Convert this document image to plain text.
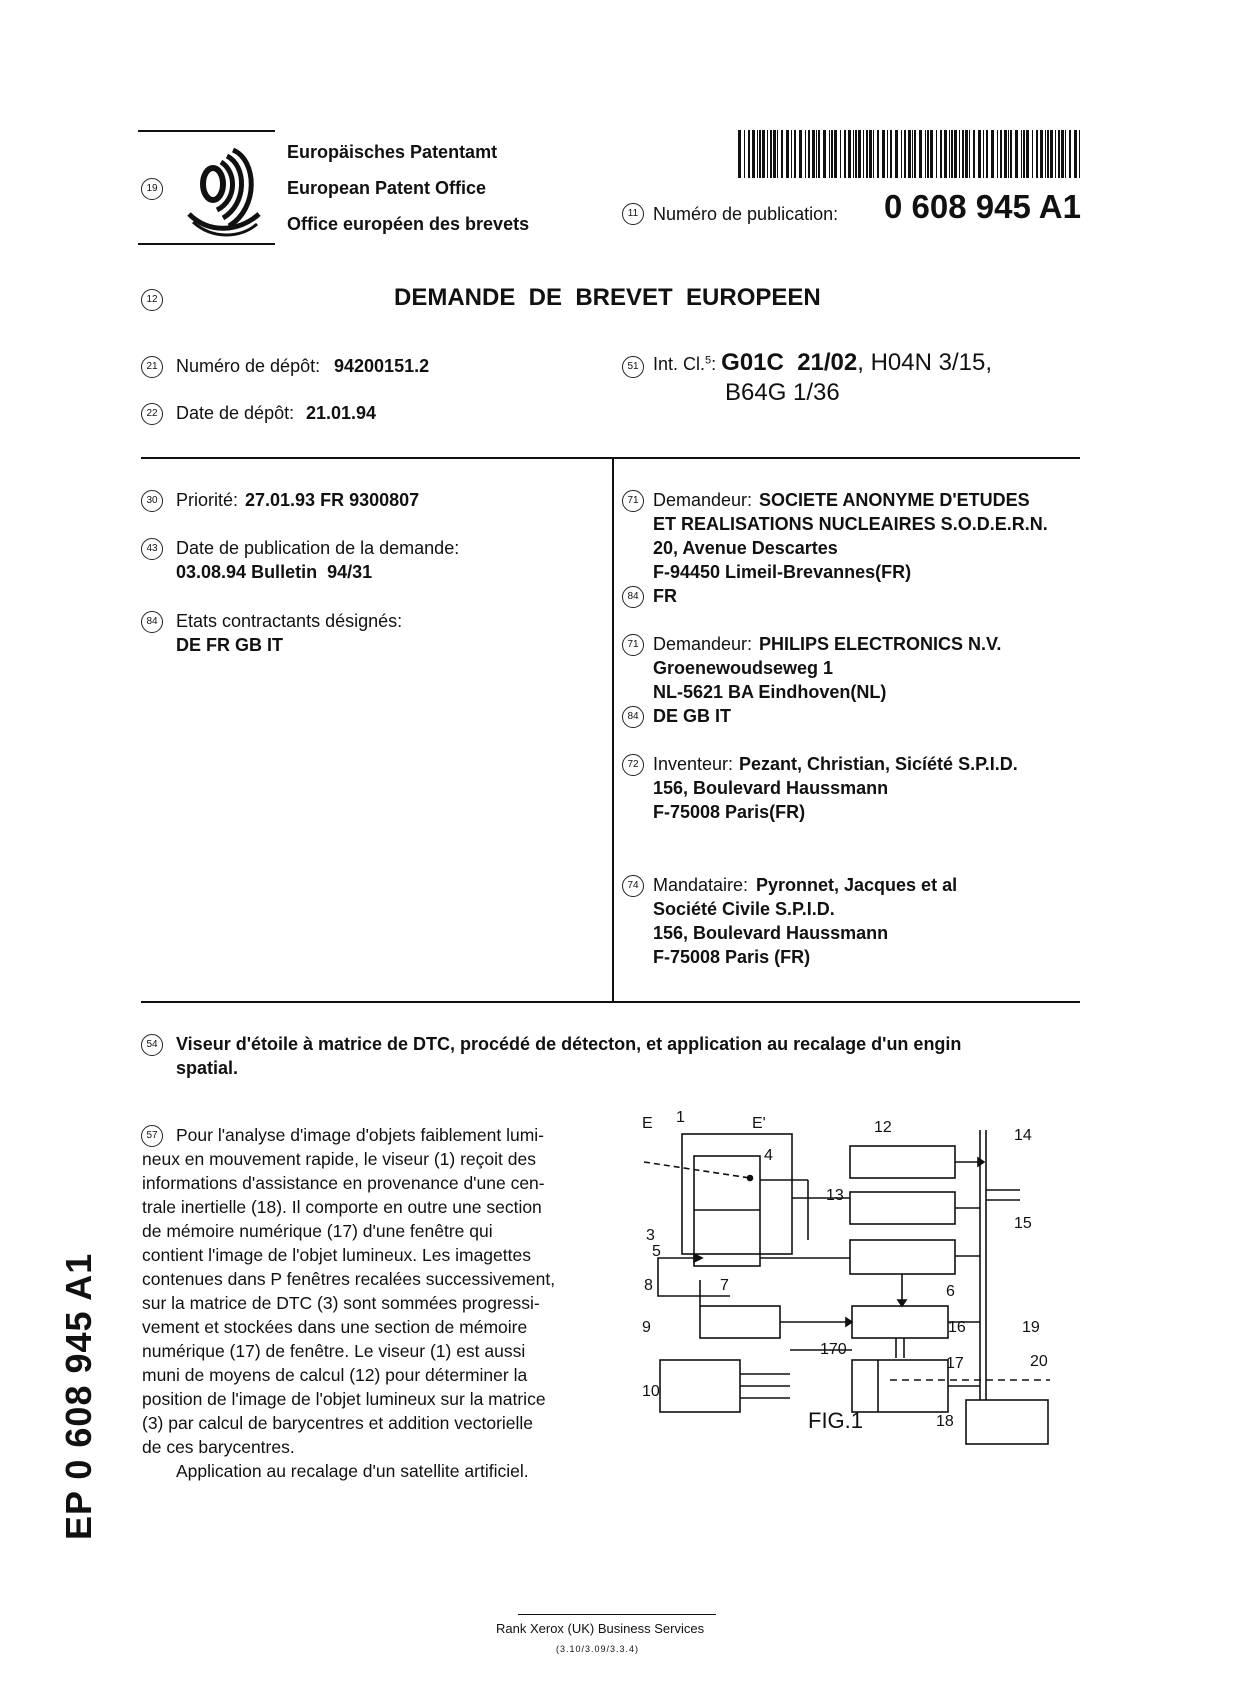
19
Europäisches Patentamt
European Patent Office
Office européen des brevets
11 Numéro de publication: 0 608 945 A1
12	DEMANDE  DE  BREVET  EUROPEEN
21	Numéro de dépôt: 94200151.2
22	Date de dépôt: 21.01.94
51 Int. Cl.$^5$: G01C  21/02, H04N 3/15,
B64G 1/36
30	Priorité: 27.01.93 FR 9300807
43	Date de publication de la demande:
03.08.94 Bulletin  94/31
84	Etats contractants désignés:
DE FR GB IT
71 Demandeur: SOCIETE ANONYME D'ETUDES
ET REALISATIONS NUCLEAIRES S.O.D.E.R.N.
20, Avenue Descartes
F-94450 Limeil-Brevannes(FR)
84 FR
71 Demandeur: PHILIPS ELECTRONICS N.V.
Groenewoudseweg 1
NL-5621 BA Eindhoven(NL)
84 DE GB IT
72 Inventeur: Pezant, Christian, Sicíété S.P.I.D.
156, Boulevard Haussmann
F-75008 Paris(FR)
74 Mandataire: Pyronnet, Jacques et al
Société Civile S.P.I.D.
156, Boulevard Haussmann
F-75008 Paris (FR)
54	Viseur d'étoile à matrice de DTC, procédé de détecton, et application au recalage d'un engin
spatial.
57	Pour l'analyse d'image d'objets faiblement lumi-

neux en mouvement rapide, le viseur (1) reçoit des

informations d'assistance en provenance d'une cen-

trale inertielle (18). Il comporte en outre une section

de mémoire numérique (17) d'une fenêtre qui

contient l'image de l'objet lumineux. Les imagettes

contenues dans P fenêtres recalées successivement,

sur la matrice de DTC (3) sont sommées progressi-

vement et stockées dans une section de mémoire

numérique (17) de fenêtre. Le viseur (1) est aussi

muni de moyens de calcul (12) pour déterminer la

position de l'image de l'objet lumineux sur la matrice

(3) par calcul de barycentres et addition vectorielle

de ces barycentres.

Application au recalage d'un satellite artificiel.

E	E'
1
4
3
5
8	7
9
10
12
13
6
14
15
16
170
17
18
19
20
FIG.1
EP 0 608 945 A1
Rank Xerox (UK) Business Services
(3.10/3.09/3.3.4)
